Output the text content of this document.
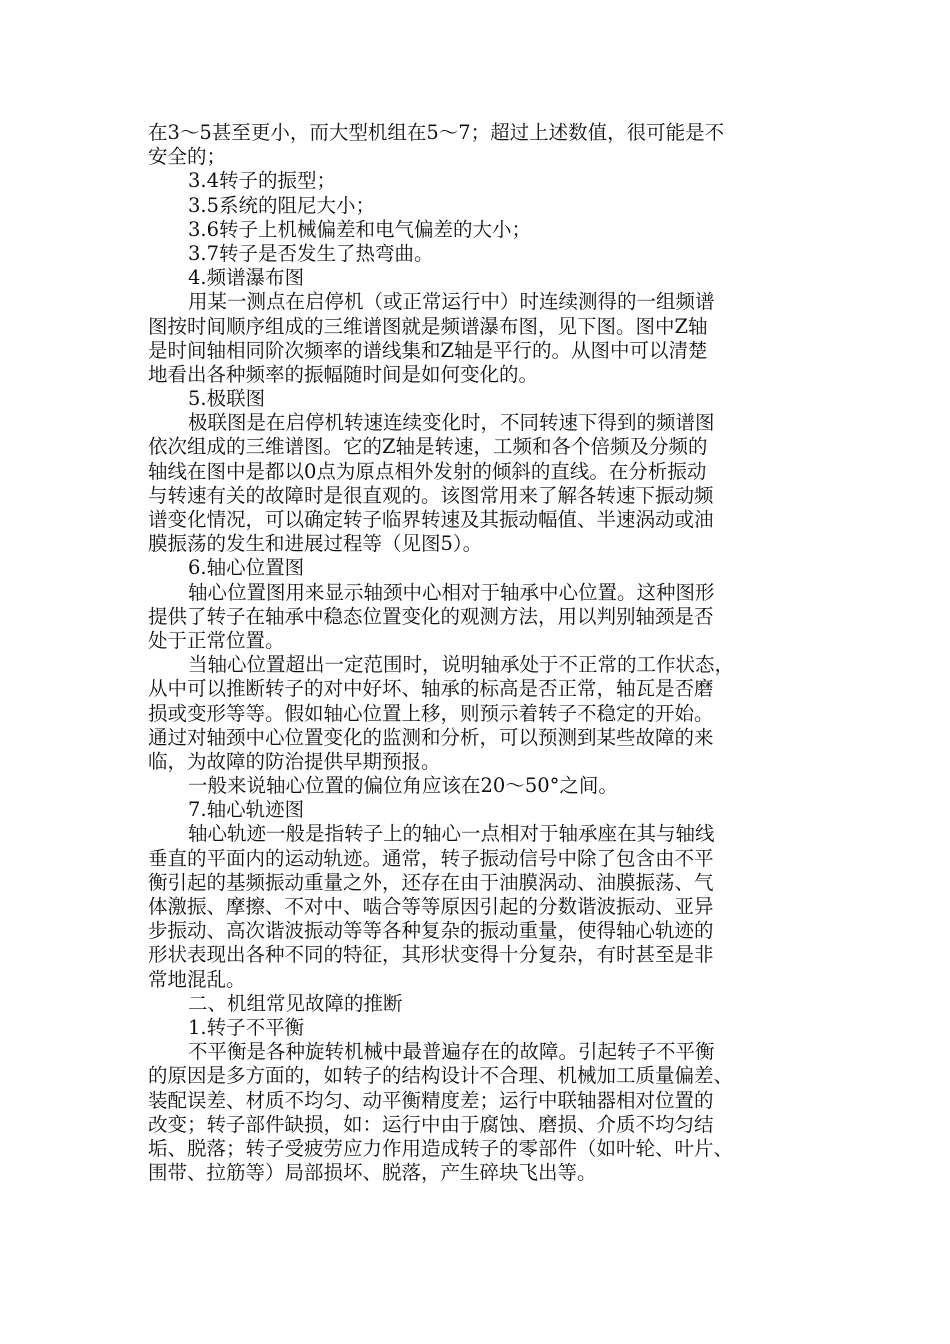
在3～5甚至更小，而大型机组在5～7；超过上述数值，很可能是不
安全的；
3.4转子的振型；
3.5系统的阻尼大小；
3.6转子上机械偏差和电气偏差的大小；
3.7转子是否发生了热弯曲。
4.频谱瀑布图
用某一测点在启停机（或正常运行中）时连续测得的一组频谱
图按时间顺序组成的三维谱图就是频谱瀑布图，见下图。图中Z轴
是时间轴相同阶次频率的谱线集和Z轴是平行的。从图中可以清楚
地看出各种频率的振幅随时间是如何变化的。
5.极联图
极联图是在启停机转速连续变化时，不同转速下得到的频谱图
依次组成的三维谱图。它的Z轴是转速，工频和各个倍频及分频的
轴线在图中是都以0点为原点相外发射的倾斜的直线。在分析振动
与转速有关的故障时是很直观的。该图常用来了解各转速下振动频
谱变化情况，可以确定转子临界转速及其振动幅值、半速涡动或油
膜振荡的发生和进展过程等（见图5）。
6.轴心位置图
轴心位置图用来显示轴颈中心相对于轴承中心位置。这种图形
提供了转子在轴承中稳态位置变化的观测方法，用以判别轴颈是否
处于正常位置。
当轴心位置超出一定范围时，说明轴承处于不正常的工作状态，
从中可以推断转子的对中好坏、轴承的标高是否正常，轴瓦是否磨
损或变形等等。假如轴心位置上移，则预示着转子不稳定的开始。
通过对轴颈中心位置变化的监测和分析，可以预测到某些故障的来
临，为故障的防治提供早期预报。
一般来说轴心位置的偏位角应该在20～50°之间。
7.轴心轨迹图
轴心轨迹一般是指转子上的轴心一点相对于轴承座在其与轴线
垂直的平面内的运动轨迹。通常，转子振动信号中除了包含由不平
衡引起的基频振动重量之外，还存在由于油膜涡动、油膜振荡、气
体激振、摩擦、不对中、啮合等等原因引起的分数谐波振动、亚异
步振动、高次谐波振动等等各种复杂的振动重量，使得轴心轨迹的
形状表现出各种不同的特征，其形状变得十分复杂，有时甚至是非
常地混乱。
二、机组常见故障的推断
1.转子不平衡
不平衡是各种旋转机械中最普遍存在的故障。引起转子不平衡
的原因是多方面的，如转子的结构设计不合理、机械加工质量偏差、
装配误差、材质不均匀、动平衡精度差；运行中联轴器相对位置的
改变；转子部件缺损，如：运行中由于腐蚀、磨损、介质不均匀结
垢、脱落；转子受疲劳应力作用造成转子的零部件（如叶轮、叶片、
围带、拉筋等）局部损坏、脱落，产生碎块飞出等。
